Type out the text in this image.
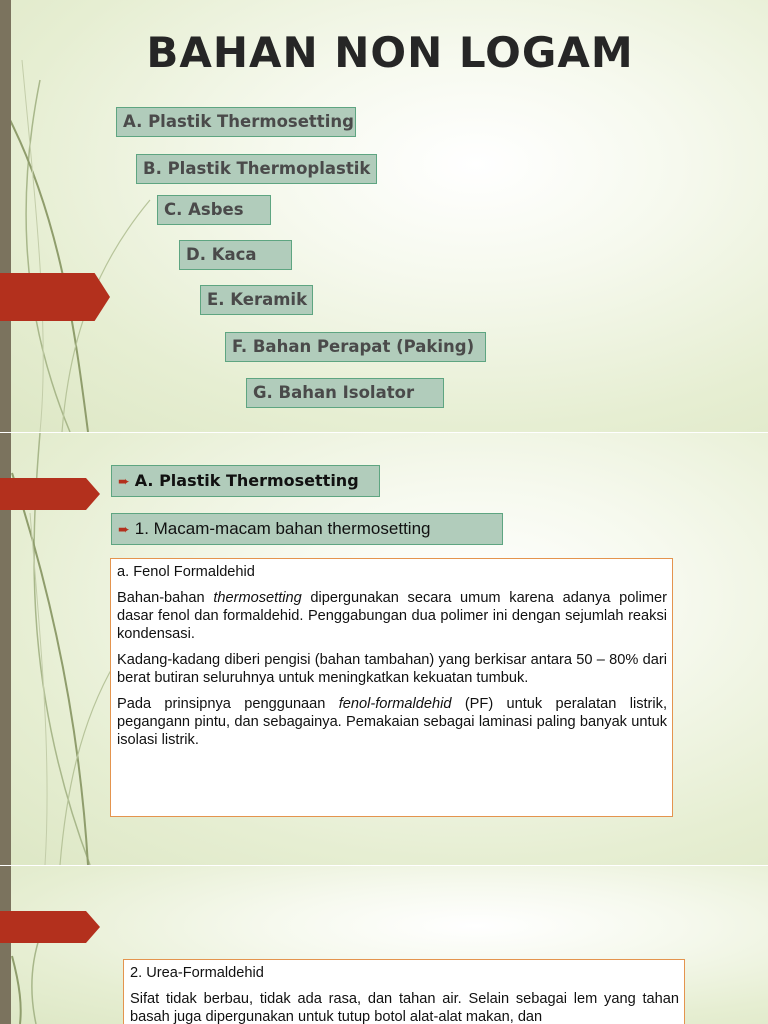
BAHAN NON LOGAM
A. Plastik Thermosetting
B. Plastik Thermoplastik
C. Asbes
D. Kaca
E. Keramik
F. Bahan Perapat (Paking)
G. Bahan Isolator
➨ A. Plastik Thermosetting
➨ 1. Macam-macam bahan thermosetting
a. Fenol Formaldehid

Bahan-bahan thermosetting dipergunakan secara umum karena adanya polimer dasar fenol dan formaldehid. Penggabungan dua polimer ini dengan sejumlah reaksi kondensasi.

Kadang-kadang diberi pengisi (bahan tambahan) yang berkisar antara 50 – 80% dari berat butiran seluruhnya untuk meningkatkan kekuatan tumbuk.

Pada prinsipnya penggunaan fenol-formaldehid (PF) untuk peralatan listrik, pegangann pintu, dan sebagainya. Pemakaian sebagai laminasi paling banyak untuk isolasi listrik.

2. Urea-Formaldehid

Sifat tidak berbau, tidak ada rasa, dan tahan air. Selain sebagai lem yang tahan basah juga dipergunakan untuk tutup botol alat-alat makan, dan
